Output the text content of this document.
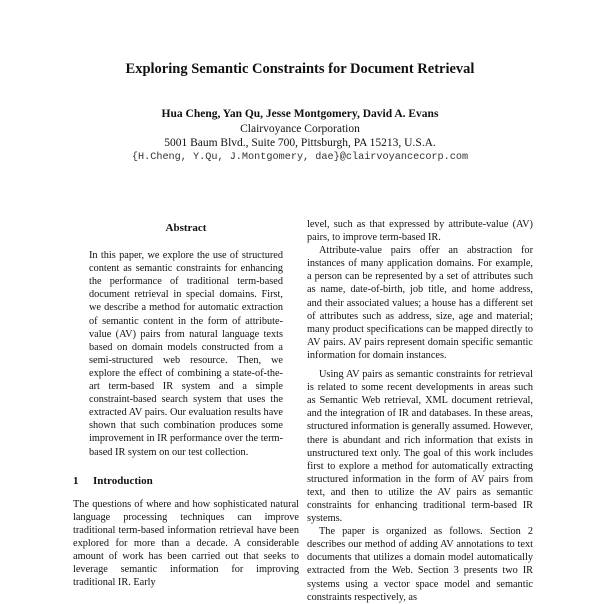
Exploring Semantic Constraints for Document Retrieval
Hua Cheng, Yan Qu, Jesse Montgomery, David A. Evans
Clairvoyance Corporation
5001 Baum Blvd., Suite 700, Pittsburgh, PA 15213, U.S.A.
{H.Cheng, Y.Qu, J.Montgomery, dae}@clairvoyancecorp.com
Abstract

In this paper, we explore the use of structured content as semantic constraints for enhancing the performance of traditional term-based document retrieval in special domains. First, we describe a method for automatic extraction of semantic content in the form of attribute-value (AV) pairs from natural language texts based on domain models constructed from a semi-structured web resource. Then, we explore the effect of combining a state-of-the-art term-based IR system and a simple constraint-based search system that uses the extracted AV pairs. Our evaluation results have shown that such combination produces some improvement in IR performance over the term-based IR system on our test collection.

1 Introduction

The questions of where and how sophisticated natural language processing techniques can improve traditional term-based information retrieval have been explored for more than a decade. A considerable amount of work has been carried out that seeks to leverage semantic information for improving traditional IR. Early

level, such as that expressed by attribute-value (AV) pairs, to improve term-based IR.

Attribute-value pairs offer an abstraction for instances of many application domains. For example, a person can be represented by a set of attributes such as name, date-of-birth, job title, and home address, and their associated values; a house has a different set of attributes such as address, size, age and material; many product specifications can be mapped directly to AV pairs. AV pairs represent domain specific semantic information for domain instances.

Using AV pairs as semantic constraints for retrieval is related to some recent developments in areas such as Semantic Web retrieval, XML document retrieval, and the integration of IR and databases. In these areas, structured information is generally assumed. However, there is abundant and rich information that exists in unstructured text only. The goal of this work includes first to explore a method for automatically extracting structured information in the form of AV pairs from text, and then to utilize the AV pairs as semantic constraints for enhancing traditional term-based IR systems.

The paper is organized as follows. Section 2 describes our method of adding AV annotations to text documents that utilizes a domain model automatically extracted from the Web. Section 3 presents two IR systems using a vector space model and semantic constraints respectively, as
